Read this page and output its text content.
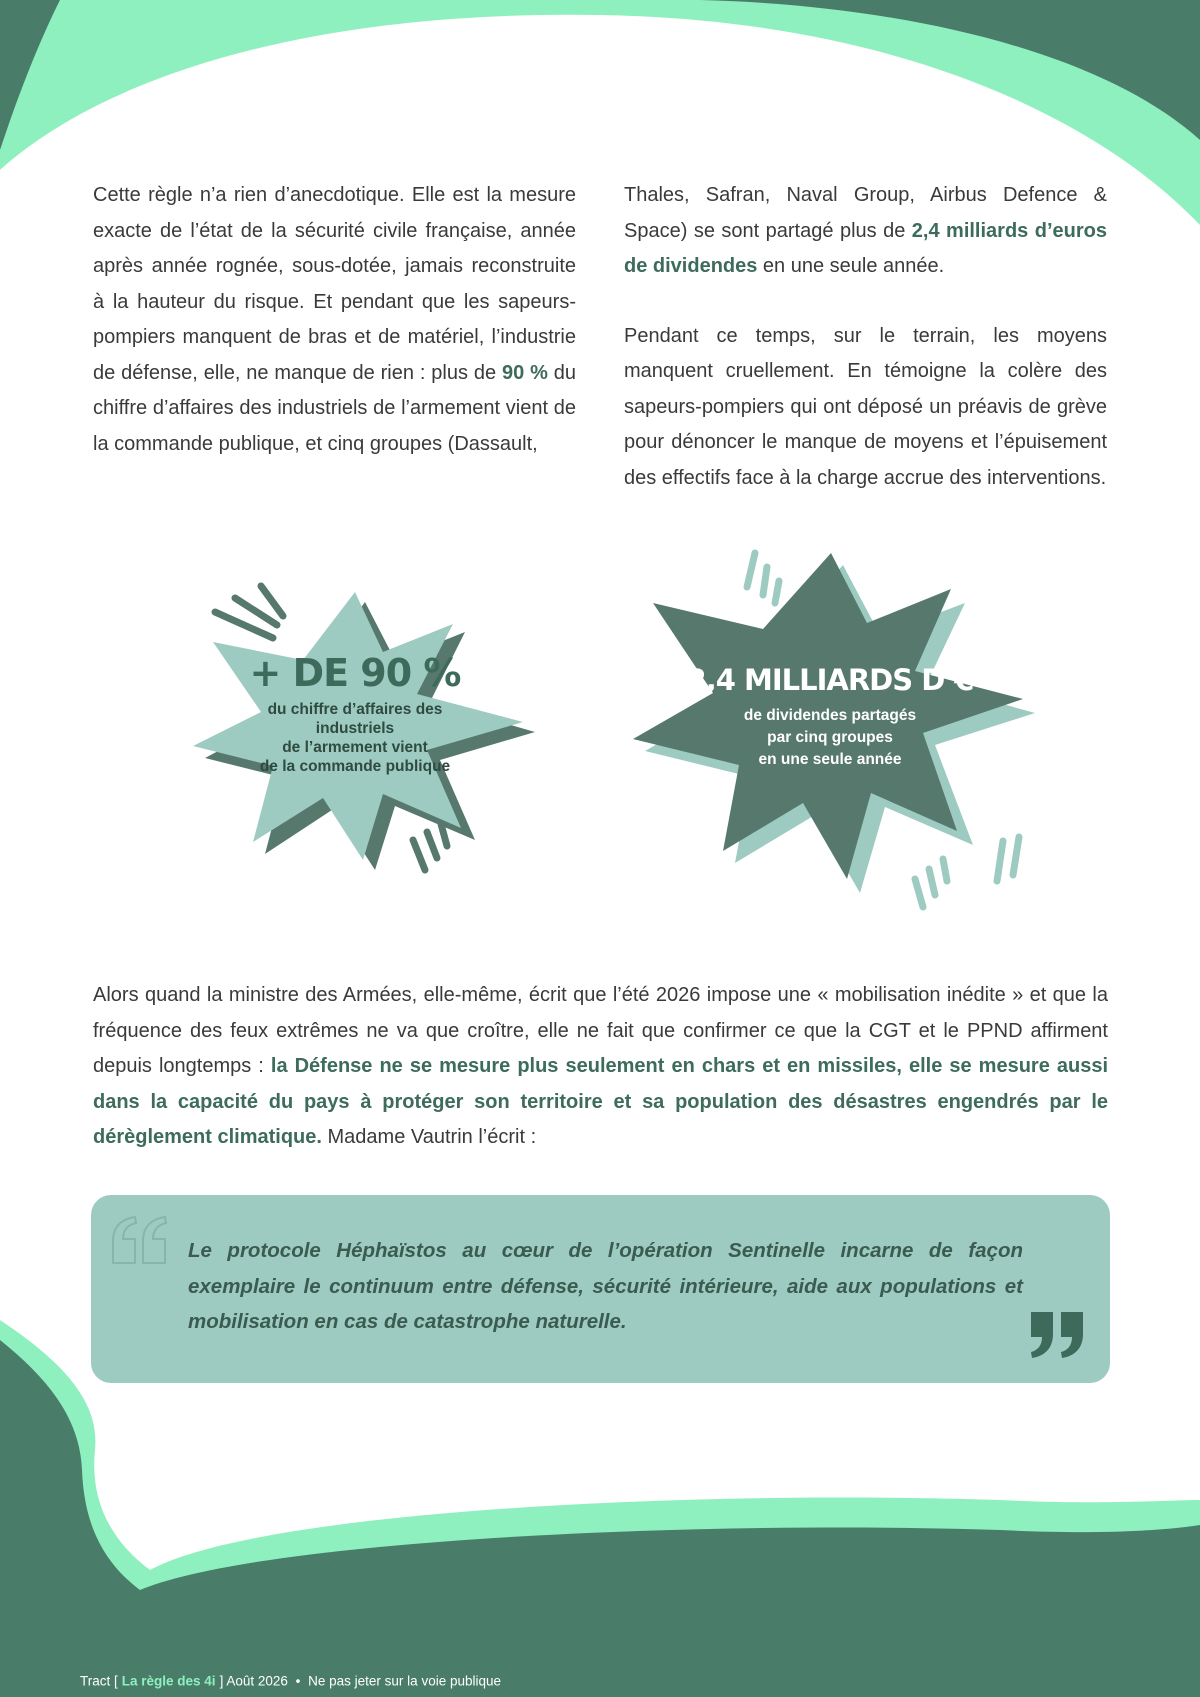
Cette règle n’a rien d’anecdotique. Elle est la mesure exacte de l’état de la sécurité civile française, année après année rognée, sous-dotée, jamais reconstruite à la hauteur du risque. Et pendant que les sapeurs-pompiers manquent de bras et de matériel, l’industrie de défense, elle, ne manque de rien : plus de 90 % du chiffre d’affaires des industriels de l’armement vient de la commande publique, et cinq groupes (Dassault,

Thales, Safran, Naval Group, Airbus Defence & Space) se sont partagé plus de 2,4 milliards d’euros de dividendes en une seule année.

Pendant ce temps, sur le terrain, les moyens manquent cruellement. En témoigne la colère des sapeurs-pompiers qui ont déposé un préavis de grève pour dénoncer le manque de moyens et l’épuisement des effectifs face à la charge accrue des interventions.

+ DE 90 %
du chiffre d’affaires des
industriels
de l’armement vient
de la commande publique
2,4 MILLIARDS D’€
de dividendes partagés
par cinq groupes
en une seule année
Alors quand la ministre des Armées, elle-même, écrit que l’été 2026 impose une « mobilisation inédite » et que la fréquence des feux extrêmes ne va que croître, elle ne fait que confirmer ce que la CGT et le PPND affirment depuis longtemps : la Défense ne se mesure plus seulement en chars et en missiles, elle se mesure aussi dans la capacité du pays à protéger son territoire et sa population des désastres engendrés par le dérèglement climatique. Madame Vautrin l’écrit :
Le protocole Héphaïstos au cœur de l’opération Sentinelle incarne de façon exemplaire le continuum entre défense, sécurité intérieure, aide aux populations et mobilisation en cas de catastrophe naturelle.
Tract [ La règle des 4i ] Août 2026 • Ne pas jeter sur la voie publique
